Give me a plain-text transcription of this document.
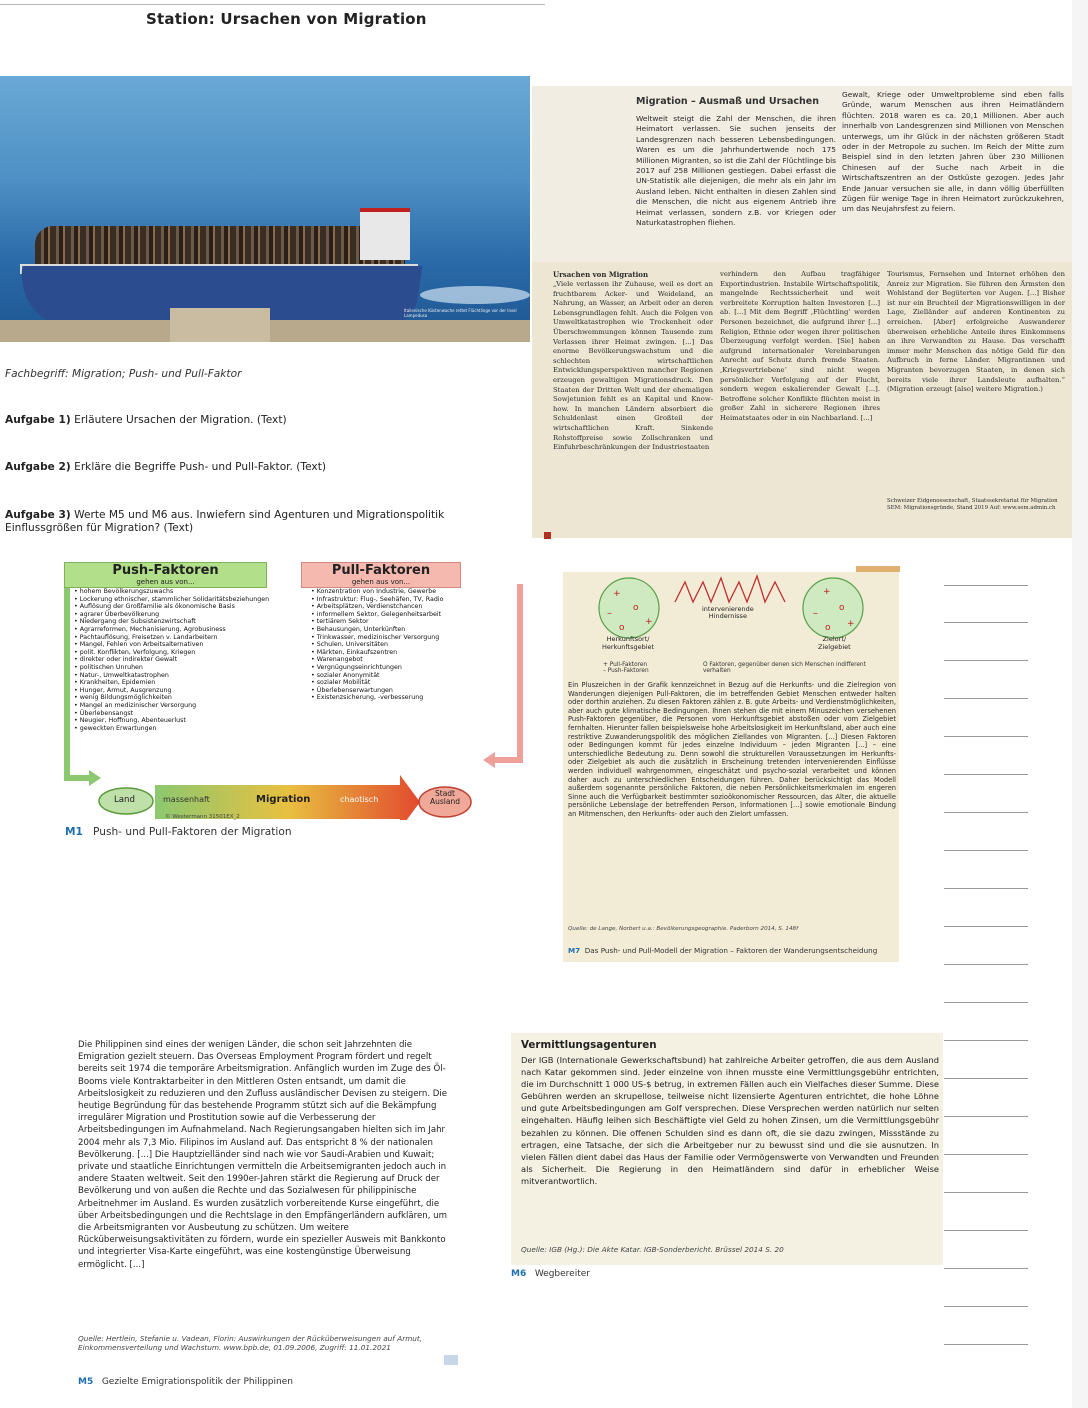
Station: Ursachen von Migration
Italienische Küstenwache rettet Flüchtlinge vor der Insel Lampedusa
Migration – Ausmaß und Ursachen
Weltweit steigt die Zahl der Menschen, die ihren Heimatort verlassen. Sie suchen jenseits der Landesgrenzen nach besseren Lebensbedingungen. Waren es um die Jahrhundertwende noch 175 Millionen Migranten, so ist die Zahl der Flüchtlinge bis 2017 auf 258 Millionen gestiegen. Dabei erfasst die UN-Statistik alle diejenigen, die mehr als ein Jahr im Ausland leben. Nicht enthalten in diesen Zahlen sind die Menschen, die nicht aus eigenem Antrieb ihre Heimat verlassen, sondern z.B. vor Kriegen oder Naturkatastrophen fliehen.
Gewalt, Kriege oder Umweltprobleme sind eben falls Gründe, warum Menschen aus ihren Heimatländern flüchten. 2018 waren es ca. 20,1 Millionen. Aber auch innerhalb von Landesgrenzen sind Millionen von Menschen unterwegs, um ihr Glück in der nächsten größeren Stadt oder in der Metropole zu suchen. Im Reich der Mitte zum Beispiel sind in den letzten Jahren über 230 Millionen Chinesen auf der Suche nach Arbeit in die Wirtschaftszentren an der Ostküste gezogen. Jedes Jahr Ende Januar versuchen sie alle, in dann völlig überfüllten Zügen für wenige Tage in ihren Heimatort zurückzukehren, um das Neujahrsfest zu feiern.
Ursachen von Migration
„Viele verlassen ihr Zuhause, weil es dort an fruchtbarem Acker- und Weideland, an Nahrung, an Wasser, an Arbeit oder an deren Lebensgrundlagen fehlt. Auch die Folgen von Umweltkatastrophen wie Trockenheit oder Überschwemmungen können Tausende zum Verlassen ihrer Heimat zwingen. [...] Das enorme Bevölkerungswachstum und die schlechten wirtschaftlichen Entwicklungsperspektiven mancher Regionen erzeugen gewaltigen Migrationsdruck. Den Staaten der Dritten Welt und der ehemaligen Sowjetunion fehlt es an Kapital und Know-how. In manchen Ländern absorbiert die Schuldenlast einen Großteil der wirtschaftlichen Kraft. Sinkende Rohstoffpreise sowie Zollschranken und Einfuhrbeschränkungen der Industriestaaten
verhindern den Aufbau tragfähiger Exportindustrien. Instabile Wirtschaftspolitik, mangelnde Rechtssicherheit und weit verbreitete Korruption halten Investoren [...] ab. [...] Mit dem Begriff ‚Flüchtling‘ werden Personen bezeichnet, die aufgrund ihrer [...] Religion, Ethnie oder wegen ihrer politischen Überzeugung verfolgt werden. [Sie] haben aufgrund internationaler Vereinbarungen Anrecht auf Schutz durch fremde Staaten. ‚Kriegsvertriebene‘ sind nicht wegen persönlicher Verfolgung auf der Flucht, sondern wegen eskalierender Gewalt [...]. Betroffene solcher Konflikte flüchten meist in großer Zahl in sicherere Regionen ihres Heimatstaates oder in ein Nachbarland. [...]
Tourismus, Fernsehen und Internet erhöhen den Anreiz zur Migration. Sie führen den Ärmsten den Wohlstand der Begüterten vor Augen. [...] Bisher ist nur ein Bruchteil der Migrationswilligen in der Lage, Zielländer auf anderen Kontinenten zu erreichen. [Aber] erfolgreiche Auswanderer überweisen erhebliche Anteile ihres Einkommens an ihre Verwandten zu Hause. Das verschafft immer mehr Menschen das nötige Geld für den Aufbruch in ferne Länder. Migrantinnen und Migranten bevorzugen Staaten, in denen sich bereits viele ihrer Landsleute aufhalten.“ (Migration erzeugt [also] weitere Migration.)
Schweizer Eidgenossenschaft, Staatssekretariat für Migration SEM: Migrationsgründe, Stand 2019 Auf: www.sem.admin.ch
Fachbegriff: Migration; Push- und Pull-Faktor
Aufgabe 1) Erläutere Ursachen der Migration. (Text)
Aufgabe 2) Erkläre die Begriffe Push- und Pull-Faktor. (Text)
Aufgabe 3) Werte M5 und M6 aus. Inwiefern sind Agenturen und Migrationspolitik Einflussgrößen für Migration? (Text)
Push-Faktoren
gehen aus von...
Pull-Faktoren
gehen aus von...
• hohem Bevölkerungszuwachs
• Lockerung ethnischer, stammlicher Solidaritätsbeziehungen
• Auflösung der Großfamilie als ökonomische Basis
• agrarer Überbevölkerung
• Niedergang der Subsistenzwirtschaft
• Agrarreformen, Mechanisierung, Agrobusiness
• Pachtauflösung, Freisetzen v. Landarbeitern
• Mangel, Fehlen von Arbeitsalternativen
• polit. Konflikten, Verfolgung, Kriegen
• direkter oder indirekter Gewalt
• politischen Unruhen
• Natur-, Umweltkatastrophen
• Krankheiten, Epidemien
• Hunger, Armut, Ausgrenzung
• wenig Bildungsmöglichkeiten
• Mangel an medizinischer Versorgung
• Überlebensangst
• Neugier, Hoffnung, Abenteuerlust
• geweckten Erwartungen
• Konzentration von Industrie, Gewerbe
• Infrastruktur: Flug-, Seehäfen, TV, Radio
• Arbeitsplätzen, Verdienstchancen
• informellem Sektor, Gelegenheitsarbeit
• tertiärem Sektor
• Behausungen, Unterkünften
• Trinkwasser, medizinischer Versorgung
• Schulen, Universitäten
• Märkten, Einkaufszentren
• Warenangebot
• Vergnügungseinrichtungen
• sozialer Anonymität
• sozialer Mobilität
• Überlebenserwartungen
• Existenzsicherung, -verbesserung
Land	massenhaft	Migration	chaotisch
Stadt
Ausland
© Westermann 31501EX_2
M1 Push- und Pull-Faktoren der Migration
+
o
–
+
o
+
o
–
+
o
intervenierende
Hindernisse
Herkunftsort/
Herkunftsgebiet
Zielort/
Zielgebiet
+ Pull-Faktoren
– Push-Faktoren
O Faktoren, gegenüber denen sich Menschen indifferent verhalten
Ein Pluszeichen in der Grafik kennzeichnet in Bezug auf die Herkunfts- und die Zielregion von Wanderungen diejenigen Pull-Faktoren, die im betreffenden Gebiet Menschen entweder halten oder dorthin anziehen. Zu diesen Faktoren zählen z. B. gute Arbeits- und Verdienstmöglichkeiten, aber auch gute klimatische Bedingungen. Ihnen stehen die mit einem Minuszeichen versehenen Push-Faktoren gegenüber, die Personen vom Herkunftsgebiet abstoßen oder vom Zielgebiet fernhalten. Hierunter fallen beispielsweise hohe Arbeitslosigkeit im Herkunftsland, aber auch eine restriktive Zuwanderungspolitik des möglichen Ziellandes von Migranten. [...] Diesen Faktoren oder Bedingungen kommt für jedes einzelne Individuum – jeden Migranten [...] – eine unterschiedliche Bedeutung zu. Denn sowohl die strukturellen Voraussetzungen im Herkunfts- oder Zielgebiet als auch die zusätzlich in Erscheinung tretenden intervenierenden Einflüsse werden individuell wahrgenommen, eingeschätzt und psycho-sozial verarbeitet und können daher auch zu unterschiedlichen Entscheidungen führen. Daher berücksichtigt das Modell außerdem sogenannte persönliche Faktoren, die neben Persönlichkeitsmerkmalen im engeren Sinne auch die Verfügbarkeit bestimmter sozioökonomischer Ressourcen, das Alter, die aktuelle persönliche Lebenslage der betreffenden Person, Informationen [...] sowie emotionale Bindung an Mitmenschen, den Herkunfts- oder auch den Zielort umfassen.
Quelle: de Lange, Norbert u.a.: Bevölkerungsgeographie. Paderborn 2014, S. 148f
M7 Das Push- und Pull-Modell der Migration – Faktoren der Wanderungsentscheidung
Die Philippinen sind eines der wenigen Länder, die schon seit Jahrzehnten die Emigration gezielt steuern. Das Overseas Employment Program fördert und regelt bereits seit 1974 die temporäre Arbeitsmigration. Anfänglich wurden im Zuge des Öl-Booms viele Kontraktarbeiter in den Mittleren Osten entsandt, um damit die Arbeitslosigkeit zu reduzieren und den Zufluss ausländischer Devisen zu steigern. Die heutige Begründung für das bestehende Programm stützt sich auf die Bekämpfung irregulärer Migration und Prostitution sowie auf die Verbesserung der Arbeitsbedingungen im Aufnahmeland. Nach Regierungsangaben hielten sich im Jahr 2004 mehr als 7,3 Mio. Filipinos im Ausland auf. Das entspricht 8 % der nationalen Bevölkerung. [...] Die Hauptzielländer sind nach wie vor Saudi-Arabien und Kuwait; private und staatliche Einrichtungen vermitteln die Arbeitsemigranten jedoch auch in andere Staaten weltweit. Seit den 1990er-Jahren stärkt die Regierung auf Druck der Bevölkerung und von außen die Rechte und das Sozialwesen für philippinische Arbeitnehmer im Ausland. Es wurden zusätzlich vorbereitende Kurse eingeführt, die über Arbeitsbedingungen und die Rechtslage in den Empfängerländern aufklären, um die Arbeitsmigranten vor Ausbeutung zu schützen. Um weitere Rücküberweisungsaktivitäten zu fördern, wurde ein spezieller Ausweis mit Bankkonto und integrierter Visa-Karte eingeführt, was eine kostengünstige Überweisung ermöglicht. [...]
Quelle: Hertlein, Stefanie u. Vadean, Florin: Auswirkungen der Rücküberweisungen auf Armut, Einkommensverteilung und Wachstum. www.bpb.de, 01.09.2006, Zugriff: 11.01.2021
M5 Gezielte Emigrationspolitik der Philippinen
Vermittlungsagenturen
Der IGB (Internationale Gewerkschaftsbund) hat zahlreiche Arbeiter getroffen, die aus dem Ausland nach Katar gekommen sind. Jeder einzelne von ihnen musste eine Vermittlungsgebühr entrichten, die im Durchschnitt 1 000 US-$ betrug, in extremen Fällen auch ein Vielfaches dieser Summe. Diese Gebühren werden an skrupellose, teilweise nicht lizensierte Agenturen entrichtet, die hohe Löhne und gute Arbeitsbedingungen am Golf versprechen. Diese Versprechen werden natürlich nur selten eingehalten. Häufig leihen sich Beschäftigte viel Geld zu hohen Zinsen, um die Vermittlungsgebühr bezahlen zu können. Die offenen Schulden sind es dann oft, die sie dazu zwingen, Missstände zu ertragen, eine Tatsache, der sich die Arbeitgeber nur zu bewusst sind und die sie ausnutzen. In vielen Fällen dient dabei das Haus der Familie oder Vermögenswerte von Verwandten und Freunden als Sicherheit. Die Regierung in den Heimatländern sind dafür in erheblicher Weise mitverantwortlich.
Quelle: IGB (Hg.): Die Akte Katar. IGB-Sonderbericht. Brüssel 2014 S. 20
M6 Wegbereiter
